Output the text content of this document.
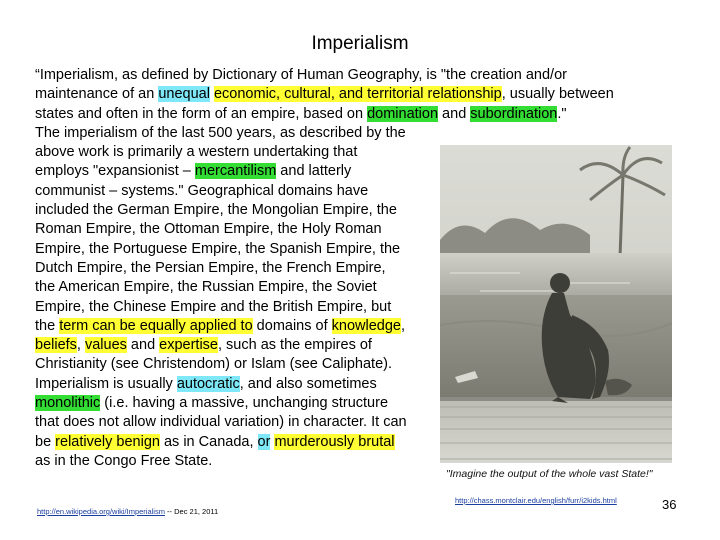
Imperialism
“Imperialism, as defined by Dictionary of Human Geography, is "the creation and/or
maintenance of an unequal economic, cultural, and territorial relationship, usually between
states and often in the form of an empire, based on domination and subordination."
The imperialism of the last 500 years, as described by the
above work is primarily a western undertaking that
employs "expansionist – mercantilism and latterly
communist – systems." Geographical domains have
included the German Empire, the Mongolian Empire, the
Roman Empire, the Ottoman Empire, the Holy Roman
Empire, the Portuguese Empire, the Spanish Empire, the
Dutch Empire, the Persian Empire, the French Empire,
the American Empire, the Russian Empire, the Soviet
Empire, the Chinese Empire and the British Empire, but
the term can be equally applied to domains of knowledge,
beliefs, values and expertise, such as the empires of
Christianity (see Christendom) or Islam (see Caliphate).
Imperialism is usually autocratic, and also sometimes
monolithic (i.e. having a massive, unchanging structure
that does not allow individual variation) in character. It can
be relatively benign as in Canada, or murderously brutal
as in the Congo Free State.
"Imagine the output of the whole vast State!"
http://en.wikipedia.org/wiki/Imperialism -- Dec 21, 2011
http://chass.montclair.edu/english/furr/i2kids.html	36
